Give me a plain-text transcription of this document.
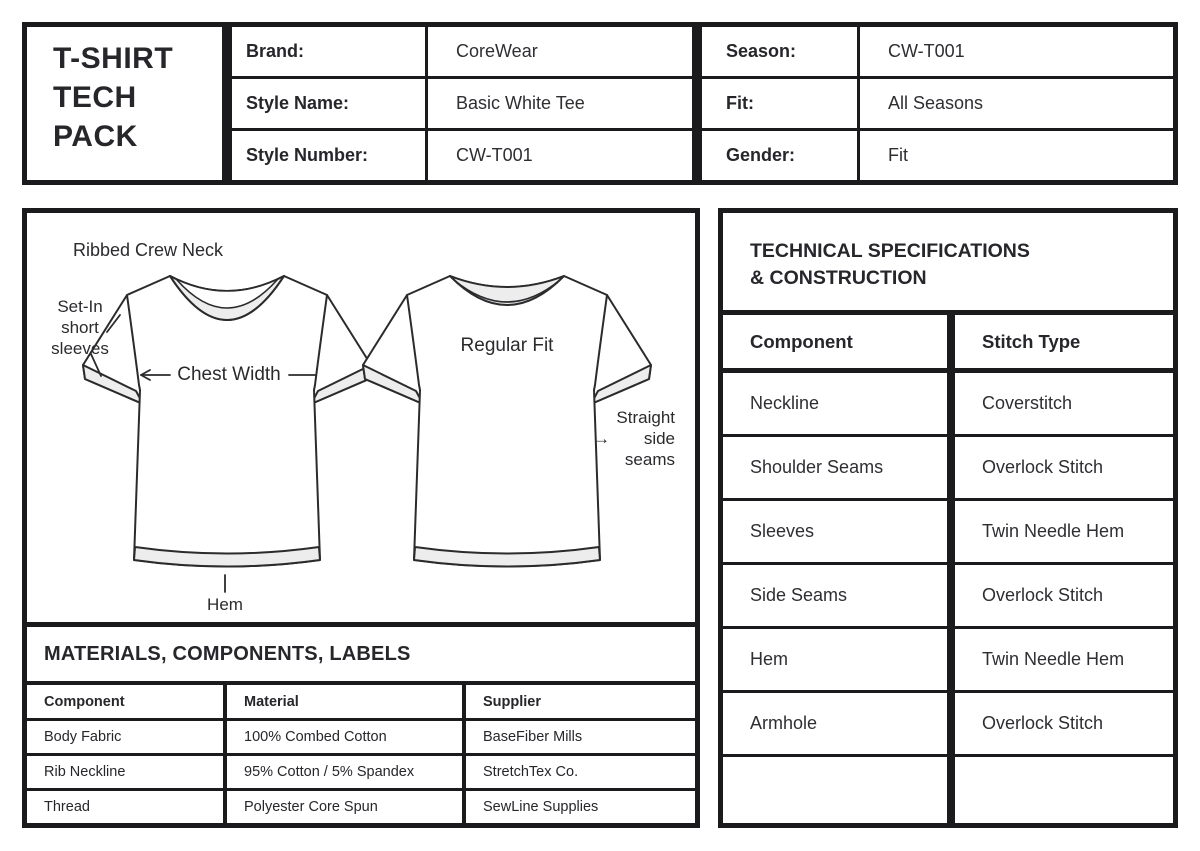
T-SHIRT
TECH
PACK
Brand:	CoreWear
Style Name:	Basic White Tee
Style Number:	CW-T001
Season:	CW-T001
Fit:	All Seasons
Gender:	Fit
Ribbed Crew Neck
Set-In
short
sleeves
Chest Width
Regular Fit
Straight
→ side
seams
Hem
MATERIALS, COMPONENTS, LABELS
Component	Material	Supplier
Body Fabric	100% Combed Cotton	BaseFiber Mills
Rib Neckline	95% Cotton / 5% Spandex	StretchTex Co.
Thread	Polyester Core Spun	SewLine Supplies
TECHNICAL SPECIFICATIONS
& CONSTRUCTION
Component	Stitch Type
Neckline	Coverstitch
Shoulder Seams	Overlock Stitch
Sleeves	Twin Needle Hem
Side Seams	Overlock Stitch
Hem	Twin Needle Hem
Armhole	Overlock Stitch
